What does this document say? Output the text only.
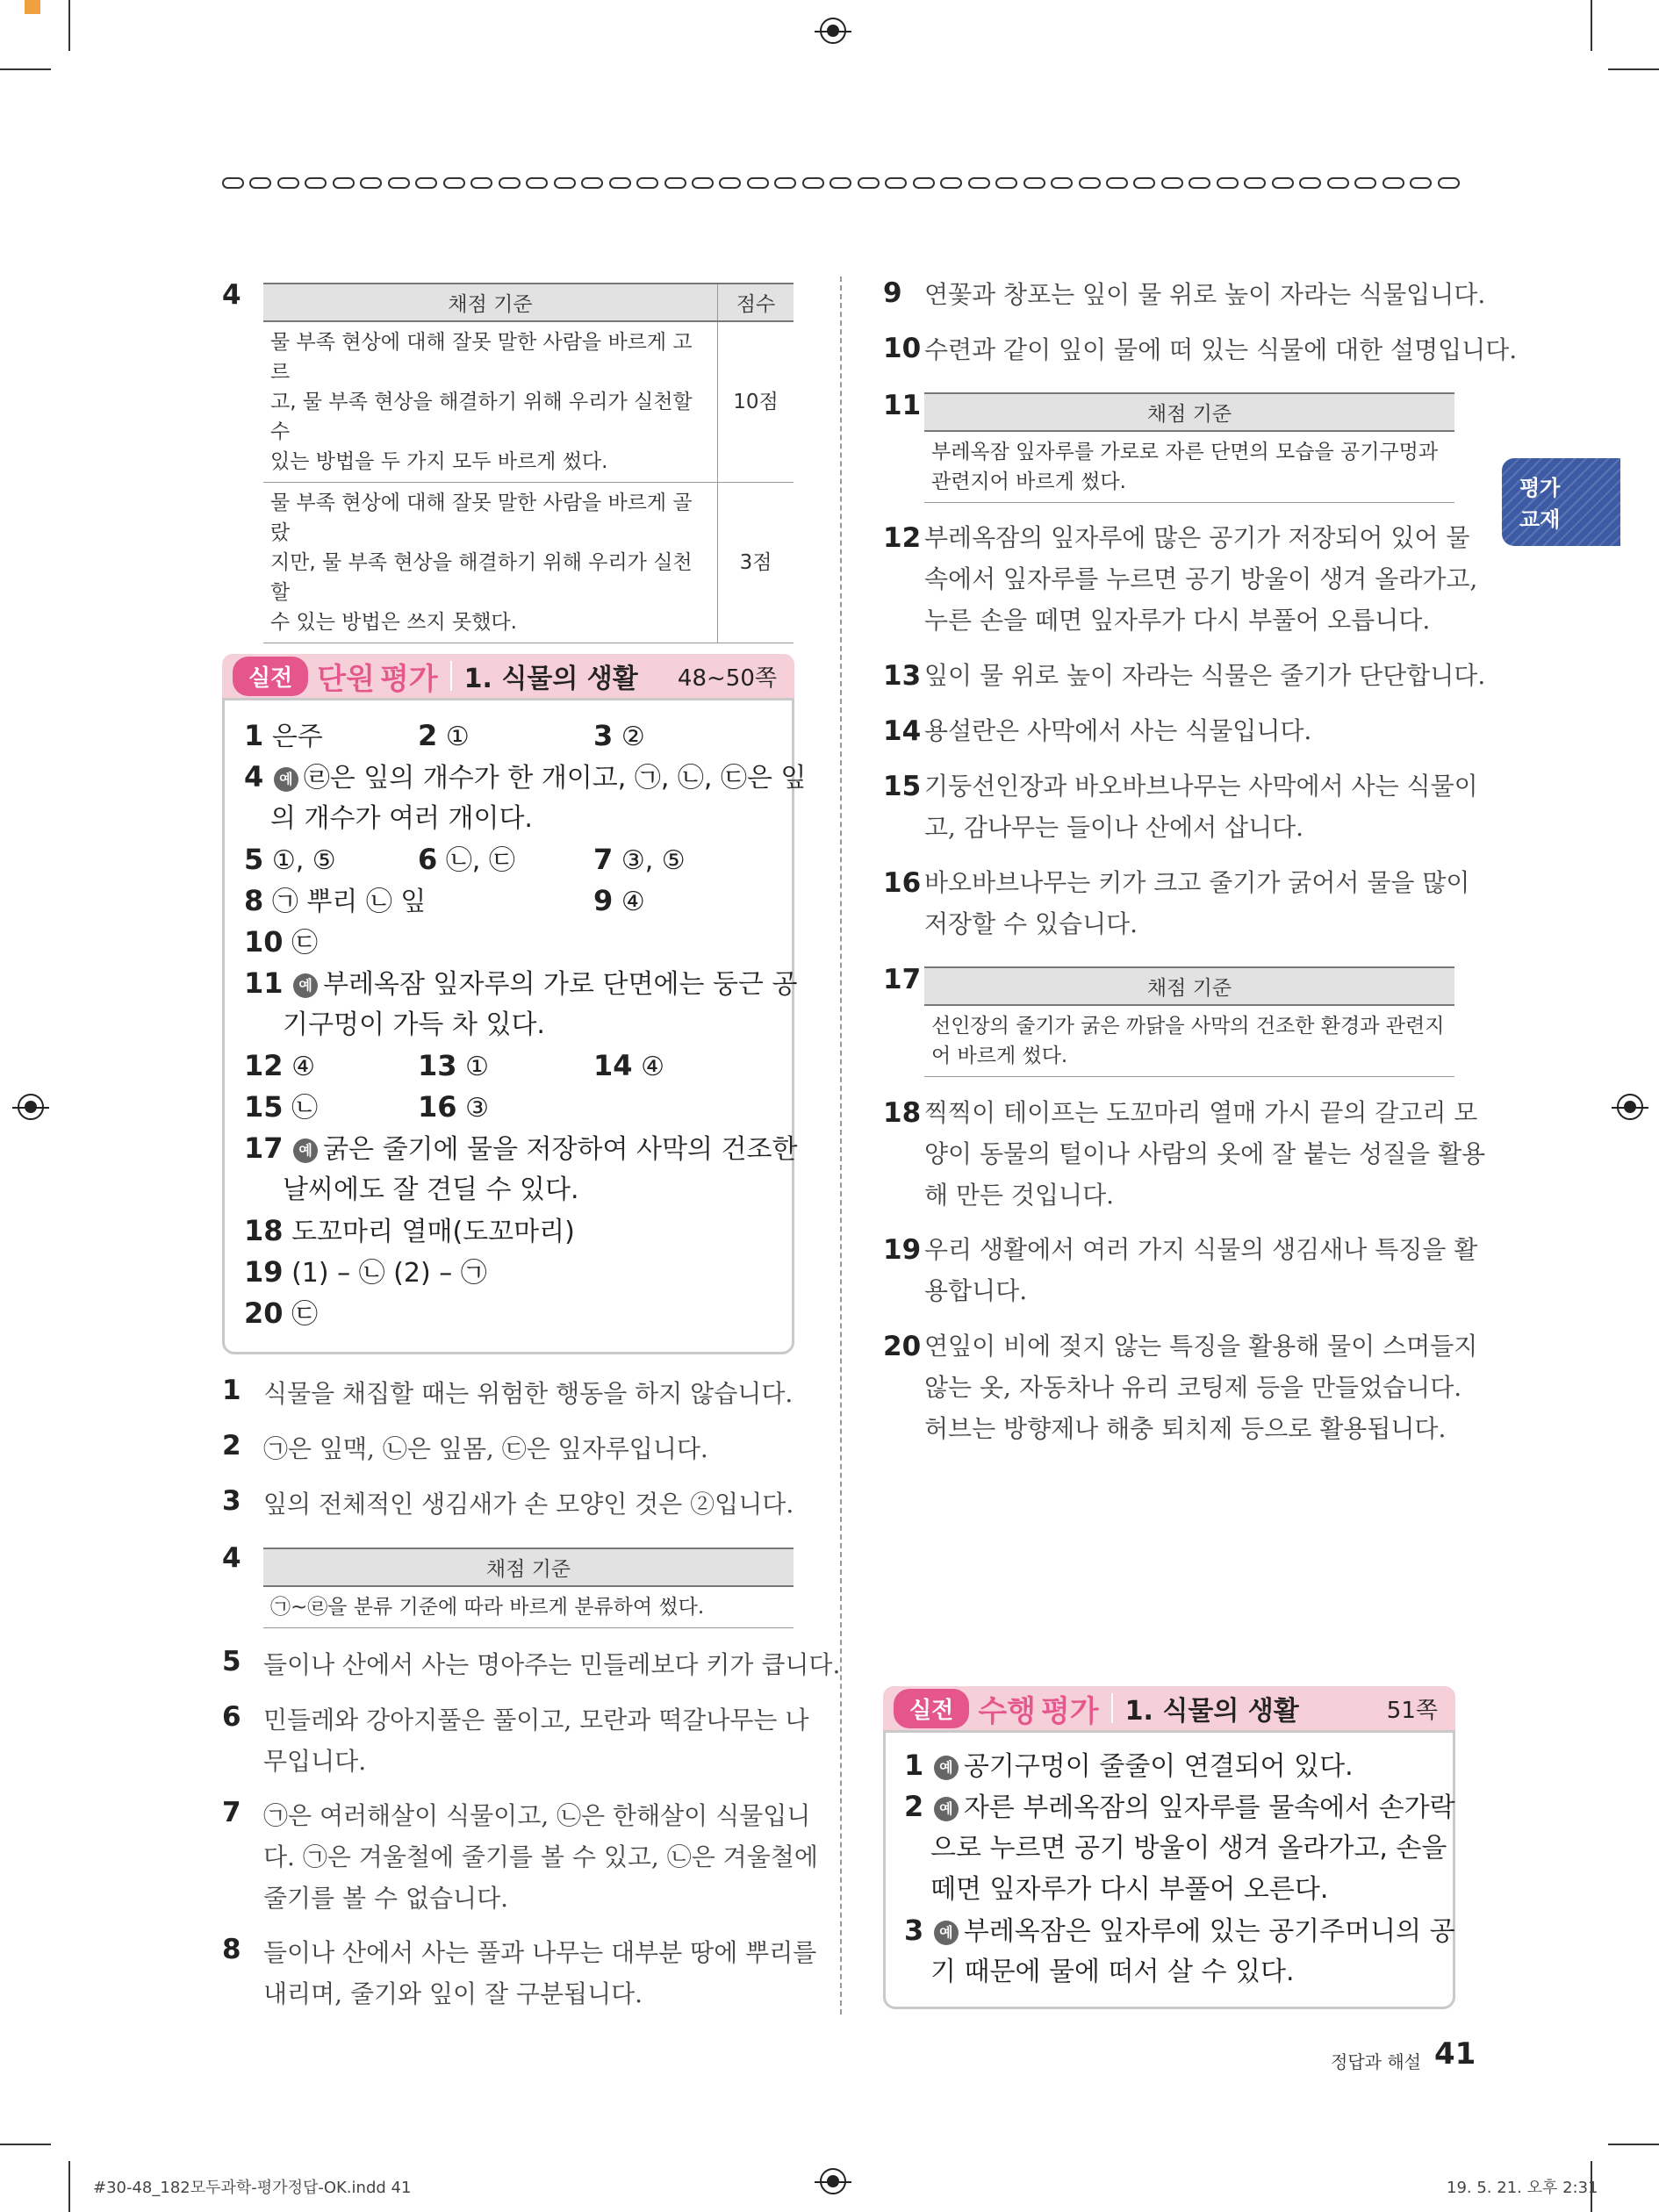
평가
교재
4	채점 기준	점수

물 부족 현상에 대해 잘못 말한 사람을 바르게 고르
고, 물 부족 현상을 해결하기 위해 우리가 실천할 수
있는 방법을 두 가지 모두 바르게 썼다.	10점

물 부족 현상에 대해 잘못 말한 사람을 바르게 골랐
지만, 물 부족 현상을 해결하기 위해 우리가 실천할
수 있는 방법은 쓰지 못했다.	3점
실전 단원 평가 1. 식물의 생활 48~50쪽
1 은주	2 ①	3 ②
4 예 ㉣은 잎의 개수가 한 개이고, ㉠, ㉡, ㉢은 잎
의 개수가 여러 개이다.
5 ①, ⑤	6 ㉡, ㉢	7 ③, ⑤
8 ㉠ 뿌리 ㉡ 잎	9 ④
10 ㉢
11 예 부레옥잠 잎자루의 가로 단면에는 둥근 공
기구멍이 가득 차 있다.
12 ④	13 ①	14 ④
15 ㉡	16 ③
17 예 굵은 줄기에 물을 저장하여 사막의 건조한
날씨에도 잘 견딜 수 있다.
18 도꼬마리 열매(도꼬마리)
19 (1) – ㉡ (2) – ㉠
20 ㉢
1 식물을 채집할 때는 위험한 행동을 하지 않습니다.
2 ㉠은 잎맥, ㉡은 잎몸, ㉢은 잎자루입니다.
3 잎의 전체적인 생김새가 손 모양인 것은 ②입니다.
4	채점 기준
㉠~㉣을 분류 기준에 따라 바르게 분류하여 썼다.
5 들이나 산에서 사는 명아주는 민들레보다 키가 큽니다.
6 민들레와 강아지풀은 풀이고, 모란과 떡갈나무는 나
무입니다.
7 ㉠은 여러해살이 식물이고, ㉡은 한해살이 식물입니
다. ㉠은 겨울철에 줄기를 볼 수 있고, ㉡은 겨울철에
줄기를 볼 수 없습니다.
8 들이나 산에서 사는 풀과 나무는 대부분 땅에 뿌리를
내리며, 줄기와 잎이 잘 구분됩니다.
9 연꽃과 창포는 잎이 물 위로 높이 자라는 식물입니다.
10 수련과 같이 잎이 물에 떠 있는 식물에 대한 설명입니다.
11	채점 기준

부레옥잠 잎자루를 가로로 자른 단면의 모습을 공기구멍과
관련지어 바르게 썼다.
12 부레옥잠의 잎자루에 많은 공기가 저장되어 있어 물
속에서 잎자루를 누르면 공기 방울이 생겨 올라가고,
누른 손을 떼면 잎자루가 다시 부풀어 오릅니다.
13 잎이 물 위로 높이 자라는 식물은 줄기가 단단합니다.
14 용설란은 사막에서 사는 식물입니다.
15 기둥선인장과 바오바브나무는 사막에서 사는 식물이
고, 감나무는 들이나 산에서 삽니다.
16 바오바브나무는 키가 크고 줄기가 굵어서 물을 많이
저장할 수 있습니다.
17	채점 기준

선인장의 줄기가 굵은 까닭을 사막의 건조한 환경과 관련지
어 바르게 썼다.
18 찍찍이 테이프는 도꼬마리 열매 가시 끝의 갈고리 모
양이 동물의 털이나 사람의 옷에 잘 붙는 성질을 활용
해 만든 것입니다.
19 우리 생활에서 여러 가지 식물의 생김새나 특징을 활
용합니다.
20 연잎이 비에 젖지 않는 특징을 활용해 물이 스며들지
않는 옷, 자동차나 유리 코팅제 등을 만들었습니다.
허브는 방향제나 해충 퇴치제 등으로 활용됩니다.
실전 수행 평가 1. 식물의 생활	51쪽
1 예 공기구멍이 줄줄이 연결되어 있다.
2 예 자른 부레옥잠의 잎자루를 물속에서 손가락
으로 누르면 공기 방울이 생겨 올라가고, 손을
떼면 잎자루가 다시 부풀어 오른다.
3 예 부레옥잠은 잎자루에 있는 공기주머니의 공
기 때문에 물에 떠서 살 수 있다.
정답과 해설 41
#30-48_182모두과학-평가정답-OK.indd 41	19. 5. 21. 오후 2:31
